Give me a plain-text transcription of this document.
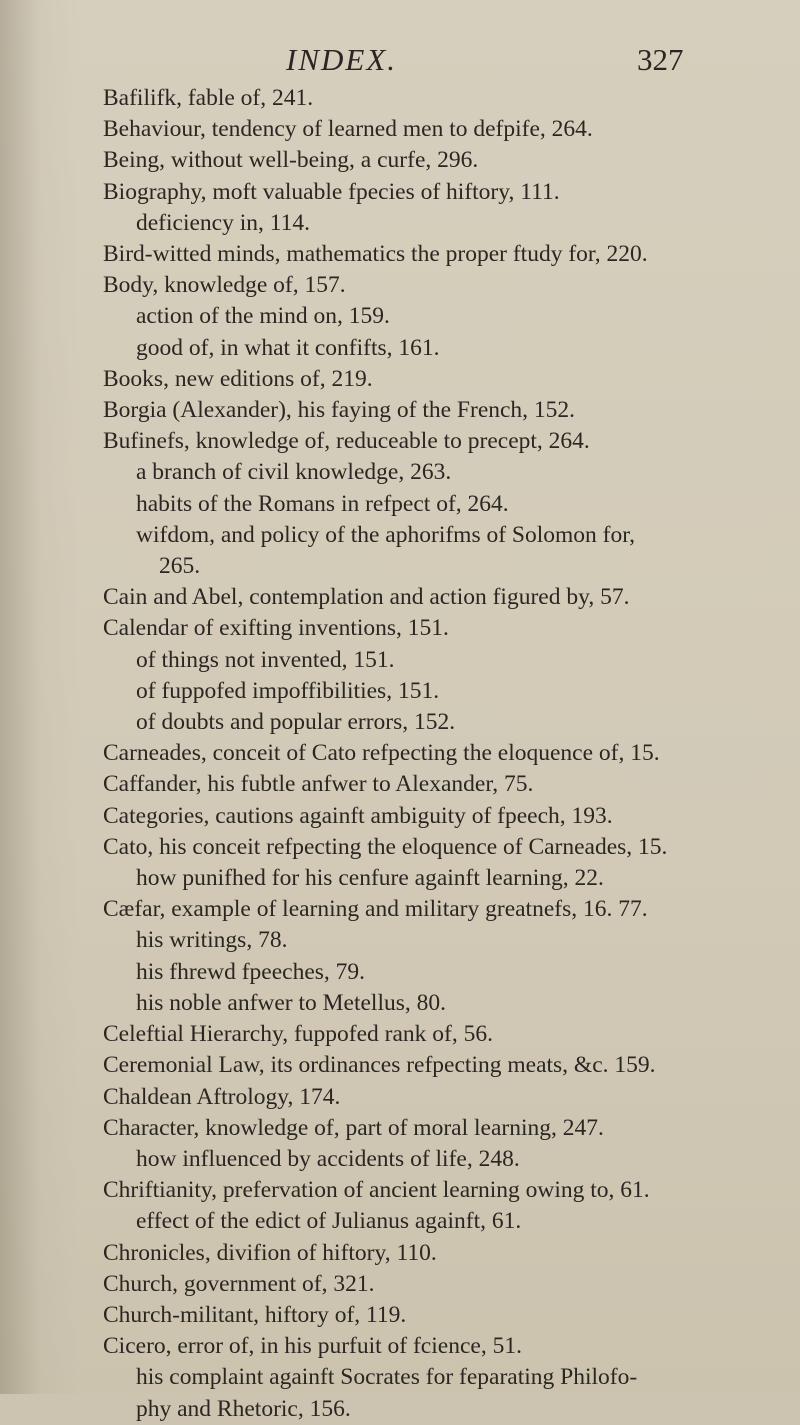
INDEX.	327
Bafilifk, fable of, 241.
Behaviour, tendency of learned men to defpife, 264.
Being, without well-being, a curfe, 296.
Biography, moft valuable fpecies of hiftory, 111.
deficiency in, 114.
Bird-witted minds, mathematics the proper ftudy for, 220.
Body, knowledge of, 157.
action of the mind on, 159.
good of, in what it confifts, 161.
Books, new editions of, 219.
Borgia (Alexander), his faying of the French, 152.
Bufinefs, knowledge of, reduceable to precept, 264.
a branch of civil knowledge, 263.
habits of the Romans in refpect of, 264.
wifdom, and policy of the aphorifms of Solomon for,
265.
Cain and Abel, contemplation and action figured by, 57.
Calendar of exifting inventions, 151.
of things not invented, 151.
of fuppofed impoffibilities, 151.
of doubts and popular errors, 152.
Carneades, conceit of Cato refpecting the eloquence of, 15.
Caffander, his fubtle anfwer to Alexander, 75.
Categories, cautions againft ambiguity of fpeech, 193.
Cato, his conceit refpecting the eloquence of Carneades, 15.
how punifhed for his cenfure againft learning, 22.
Cæfar, example of learning and military greatnefs, 16. 77.
his writings, 78.
his fhrewd fpeeches, 79.
his noble anfwer to Metellus, 80.
Celeftial Hierarchy, fuppofed rank of, 56.
Ceremonial Law, its ordinances refpecting meats, &c. 159.
Chaldean Aftrology, 174.
Character, knowledge of, part of moral learning, 247.
how influenced by accidents of life, 248.
Chriftianity, prefervation of ancient learning owing to, 61.
effect of the edict of Julianus againft, 61.
Chronicles, divifion of hiftory, 110.
Church, government of, 321.
Church-militant, hiftory of, 119.
Cicero, error of, in his purfuit of fcience, 51.
his complaint againft Socrates for feparating Philofo-
phy and Rhetoric, 156.
